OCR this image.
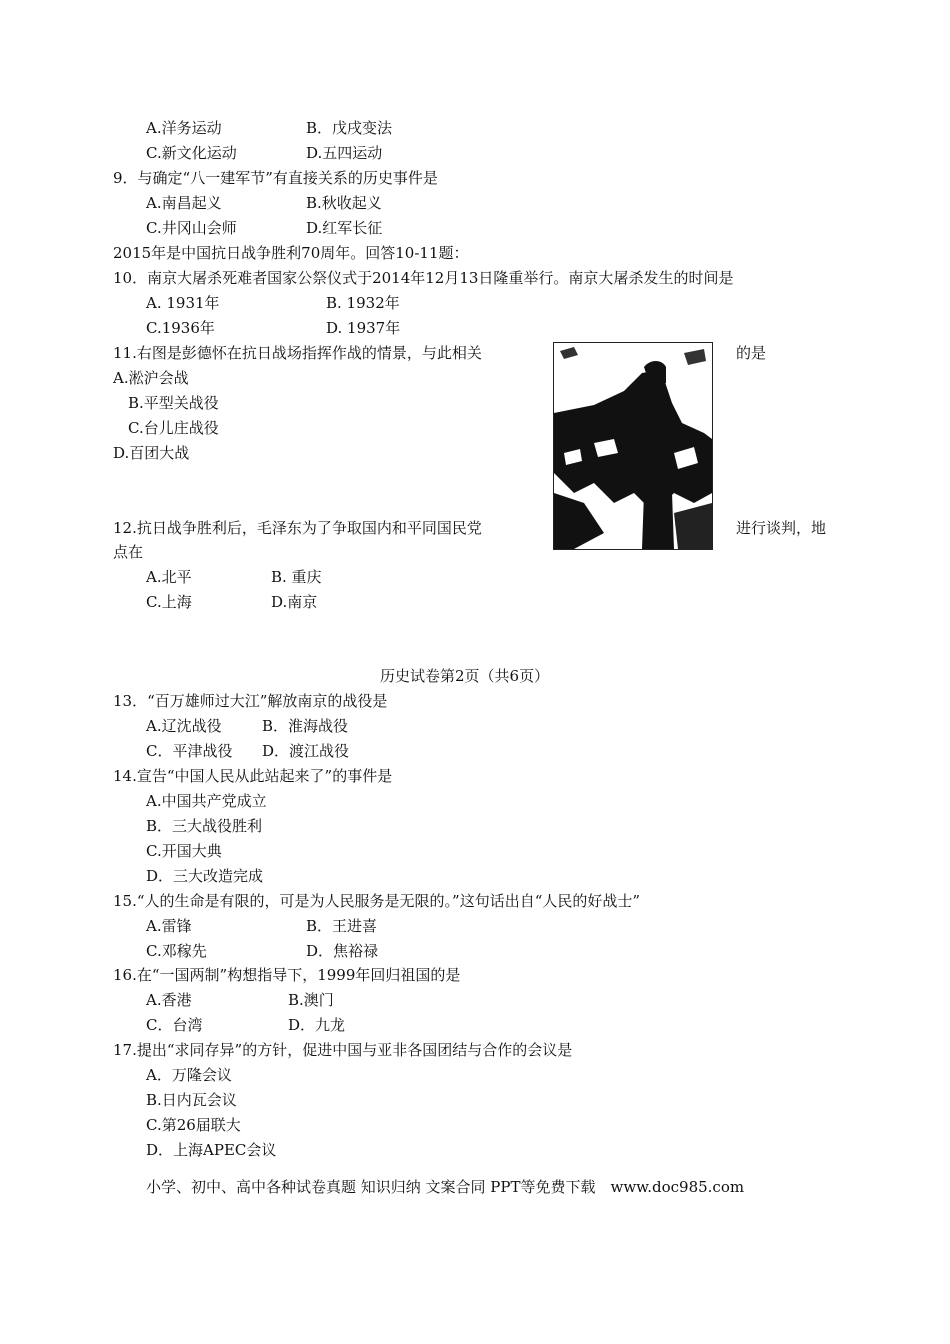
A.洋务运动	B．戊戌变法
C.新文化运动	D.五四运动
9．与确定“八一建军节”有直接关系的历史事件是
A.南昌起义	B.秋收起义
C.井冈山会师	D.红军长征
2015年是中国抗日战争胜利70周年。回答10-11题：
10．南京大屠杀死难者国家公祭仪式于2014年12月13日隆重举行。南京大屠杀发生的时间是
A. 1931年	B. 1932年
C.1936年	D. 1937年
11.右图是彭德怀在抗日战场指挥作战的情景，与此相关	的是
A.淞沪会战
B.平型关战役
C.台儿庄战役
D.百团大战
12.抗日战争胜利后，毛泽东为了争取国内和平同国民党	进行谈判，地
点在
A.北平	B. 重庆
C.上海	D.南京
历史试卷第2页（共6页）
13．“百万雄师过大江”解放南京的战役是
A.辽沈战役	B．淮海战役
C．平津战役 D．渡江战役
14.宣告“中国人民从此站起来了”的事件是
A.中国共产党成立
B．三大战役胜利
C.开国大典
D．三大改造完成
15.“人的生命是有限的，可是为人民服务是无限的。”这句话出自“人民的好战士”
A.雷锋	B．王进喜
C.邓稼先	D．焦裕禄
16.在“一国两制”构想指导下，1999年回归祖国的是
A.香港	B.澳门
C．台湾	D．九龙
17.提出“求同存异”的方针，促进中国与亚非各国团结与合作的会议是
A．万隆会议
B.日内瓦会议
C.第26届联大
D．上海APEC会议
小学、初中、高中各种试卷真题 知识归纳 文案合同 PPT等免费下载　www.doc985.com
